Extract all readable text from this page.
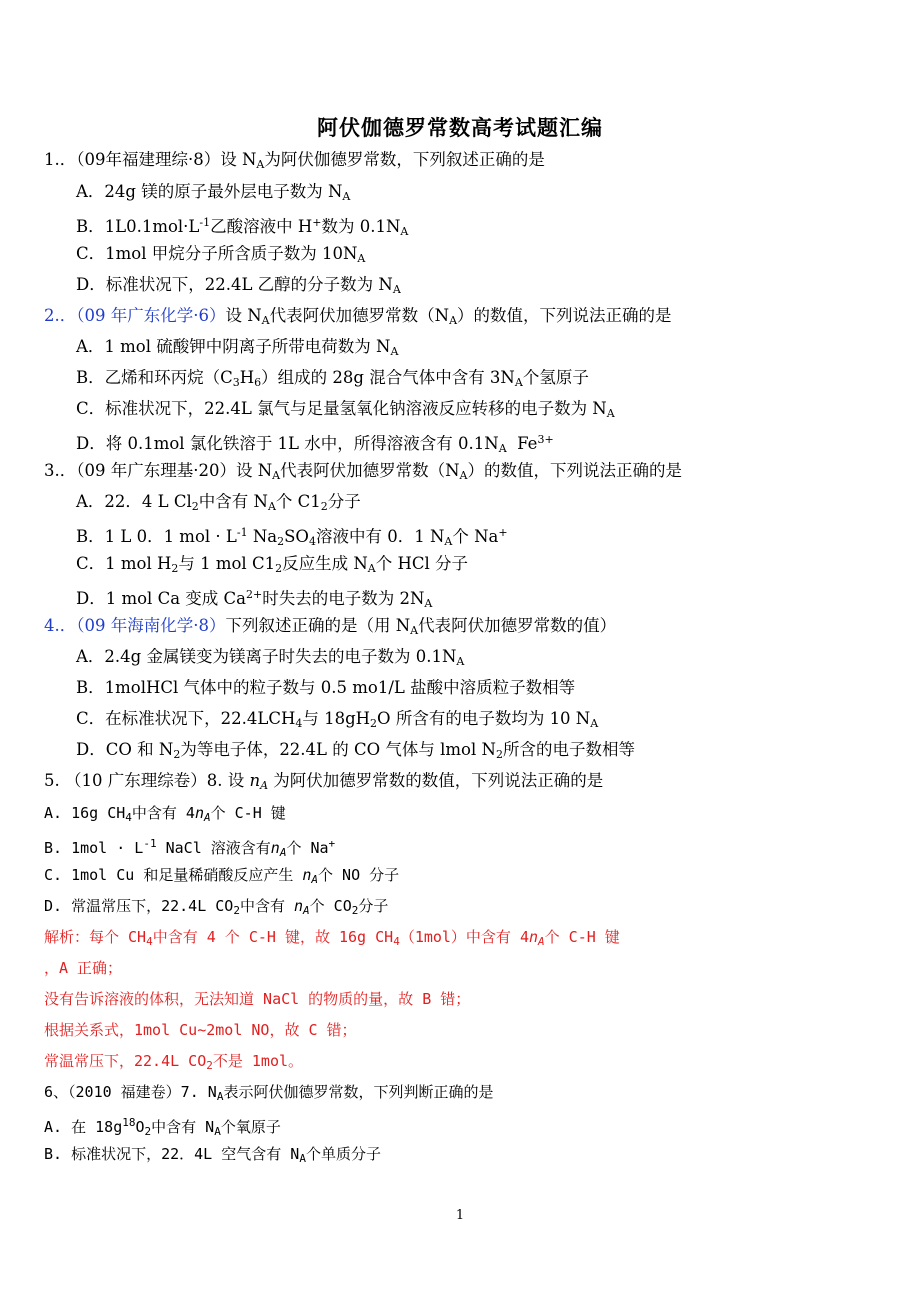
阿伏伽德罗常数高考试题汇编
1.．（09年福建理综·8）设 $N_A$为阿伏伽德罗常数，下列叙述正确的是
A．24g 镁的原子最外层电子数为 $N_A$
B．$1L0.1mol\cdot L^{-1}$乙酸溶液中 H+数为 $0.1N_A$
C．1mol 甲烷分子所含质子数为 $10N_A$
D．标准状况下，22.4L 乙醇的分子数为 $N_A$
2.．（09 年广东化学·6）设 $N_A$代表阿伏加德罗常数$(N_A)$的数值，下列说法正确的是
A．1 mol 硫酸钾中阴离子所带电荷数为 $N_A$
B．乙烯和环丙烷$(C_3H_6)$组成的 28g 混合气体中含有 $3N_A$个氢原子
C．标准状况下，22.4L 氯气与足量氢氧化钠溶液反应转移的电子数为 $N_A$
D．将 0.1mol 氯化铁溶于 1L 水中，所得溶液含有 $0.1N_A$ $Fe^{3+}$
3.．（09 年广东理基·20）设 $N_A$代表阿伏加德罗常数$(N_A)$的数值，下列说法正确的是
A．22．4 L $Cl_2$中含有 $N_A$个 $C1_2$分子
B．1 L 0．1 mol · $L^{-1}$ $Na_2SO_4$溶液中有 0．1 $N_A$个 Na+
C．1 mol $H_2$与 1 mol $C1_2$反应生成 $N_A$个 HCl 分子
D．1 mol Ca 变成 $Ca^{2+}$时失去的电子数为 $2N_A$
4.．（09 年海南化学·8）下列叙述正确的是（用 $N_A$代表阿伏加德罗常数的值）
A．2.4g 金属镁变为镁离子时失去的电子数为 $0.1N_A$
B．1molHCl 气体中的粒子数与 0.5 mo1/L 盐酸中溶质粒子数相等
C．在标准状况下，$22.4LCH_4$与 $18gH_2O$ 所含有的电子数均为 10 $N_A$
D．CO 和 $N_2$为等电子体，22.4L 的 CO 气体与 lmol $N_2$所含的电子数相等
5. （10 广东理综卷）8. 设 $n_A$ 为阿伏加德罗常数的数值，下列说法正确的是
A. 16g $CH_4$中含有 $4n_A$个 C-H 键
B. $1mol \cdot L^{-1}$ NaCl 溶液含有$n_A$个 Na+
C. 1mol Cu 和足量稀硝酸反应产生 $n_A$个 NO 分子
D. 常温常压下，22.4L $CO_2$中含有 $n_A$个 $CO_2$分子
解析：每个 $CH_4$中含有 4 个 C-H 键，故 16g $CH_4(1mol)$中含有 $4n_A$个 C-H 键
，A 正确；
没有告诉溶液的体积，无法知道 NaCl 的物质的量，故 B 错；
根据关系式，1mol Cu~2mol NO，故 C 错；
常温常压下，22.4L $CO_2$不是 1mol。
6、（2010 福建卷）7. $N_A$表示阿伏伽德罗常数，下列判断正确的是
A. 在 $18g^{18}O_2$中含有 $N_A$个氧原子
B. 标准状况下，22．4L 空气含有 $N_A$个单质分子
1
